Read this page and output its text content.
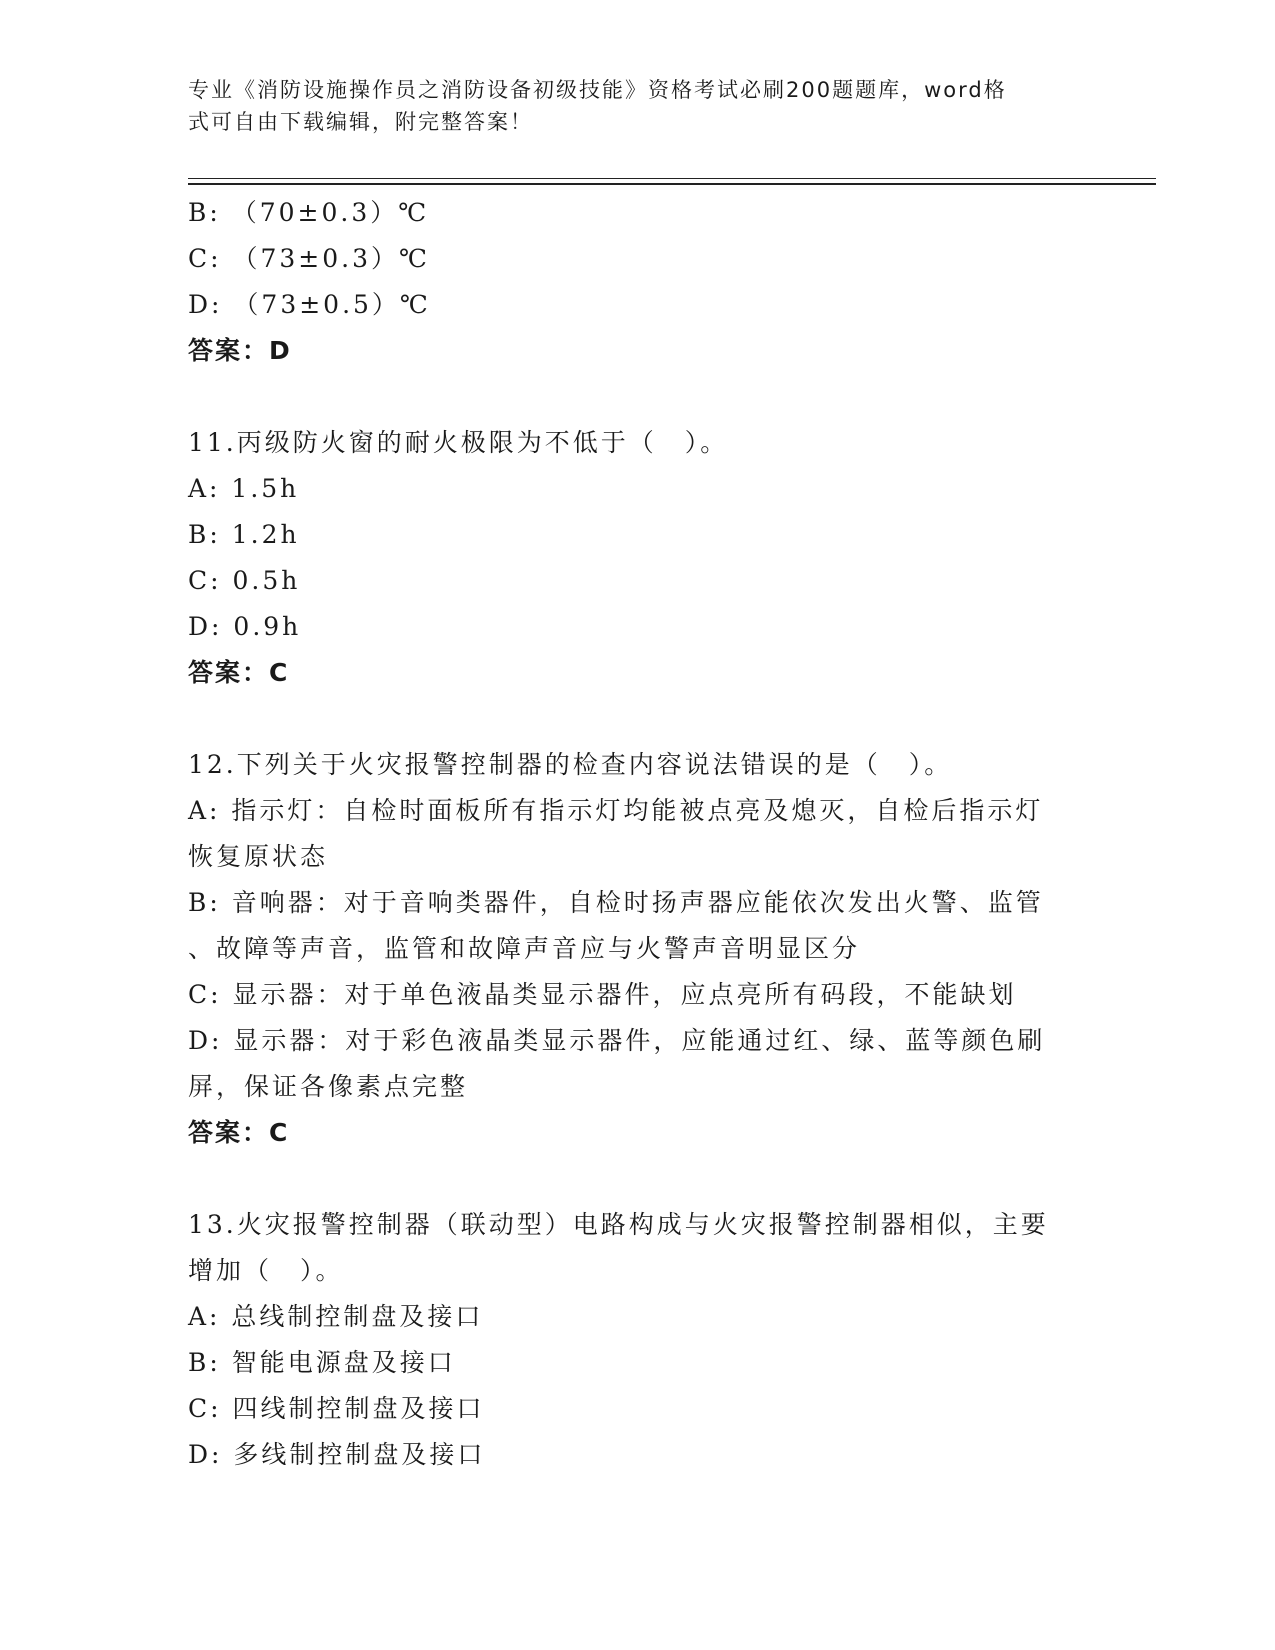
专业《消防设施操作员之消防设备初级技能》资格考试必刷200题题库，word格
式可自由下载编辑，附完整答案！
B: （70±0.3）℃
C: （73±0.3）℃
D: （73±0.5）℃
答案：D
11.丙级防火窗的耐火极限为不低于（　）。
A: 1.5h
B: 1.2h
C: 0.5h
D: 0.9h
答案：C
12.下列关于火灾报警控制器的检查内容说法错误的是（　）。
A: 指示灯：自检时面板所有指示灯均能被点亮及熄灭，自检后指示灯
恢复原状态
B: 音响器：对于音响类器件，自检时扬声器应能依次发出火警、监管
、故障等声音，监管和故障声音应与火警声音明显区分
C: 显示器：对于单色液晶类显示器件，应点亮所有码段，不能缺划
D: 显示器：对于彩色液晶类显示器件，应能通过红、绿、蓝等颜色刷
屏，保证各像素点完整
答案：C
13.火灾报警控制器（联动型）电路构成与火灾报警控制器相似，主要
增加（　）。
A: 总线制控制盘及接口
B: 智能电源盘及接口
C: 四线制控制盘及接口
D: 多线制控制盘及接口
